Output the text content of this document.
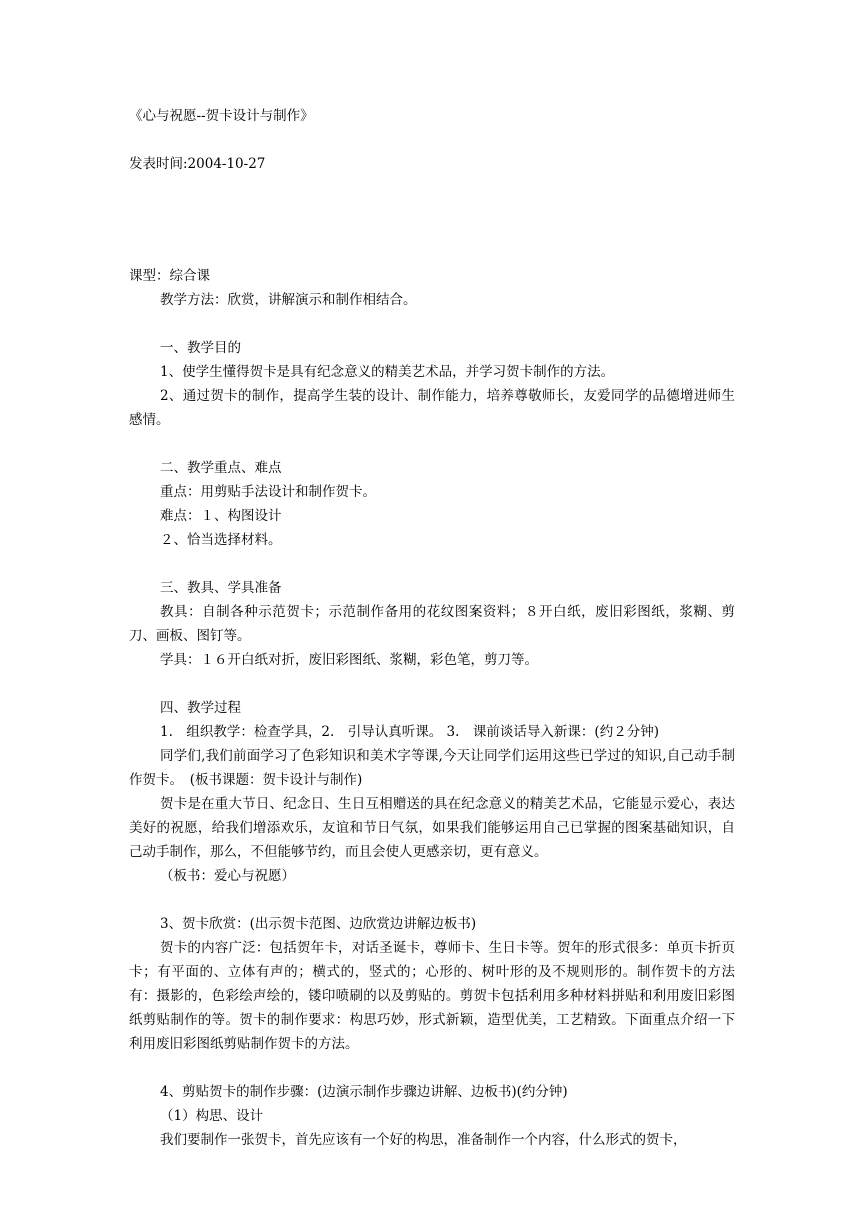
《心与祝愿--贺卡设计与制作》
发表时间:2004-10-27
课型：综合课
教学方法：欣赏，讲解演示和制作相结合。
一、教学目的
1、使学生懂得贺卡是具有纪念意义的精美艺术品，并学习贺卡制作的方法。
2、通过贺卡的制作，提高学生装的设计、制作能力，培养尊敬师长，友爱同学的品德增进师生感情。
二、教学重点、难点
重点：用剪贴手法设计和制作贺卡。
难点：１、构图设计
２、恰当选择材料。
三、教具、学具准备
教具：自制各种示范贺卡；示范制作备用的花纹图案资料；８开白纸，废旧彩图纸，浆糊、剪刀、画板、图钉等。
学具：１６开白纸对折，废旧彩图纸、浆糊，彩色笔，剪刀等。
四、教学过程
1.　组织教学：检查学具，2.　引导认真听课。 3.　课前谈话导入新课：(约２分钟)
同学们,我们前面学习了色彩知识和美术字等课,今天让同学们运用这些已学过的知识,自己动手制作贺卡。　(板书课题：贺卡设计与制作)
贺卡是在重大节日、纪念日、生日互相赠送的具在纪念意义的精美艺术品，它能显示爱心，表达美好的祝愿，给我们增添欢乐，友谊和节日气氛，如果我们能够运用自己已掌握的图案基础知识，自己动手制作，那么，不但能够节约，而且会使人更感亲切，更有意义。
（板书：爱心与祝愿）
3、贺卡欣赏：(出示贺卡范图、边欣赏边讲解边板书)
贺卡的内容广泛：包括贺年卡，对话圣诞卡，尊师卡、生日卡等。贺年的形式很多：单页卡折页卡；有平面的、立体有声的；横式的，竖式的；心形的、树叶形的及不规则形的。制作贺卡的方法有：摄影的，色彩绘声绘的，镂印喷刷的以及剪贴的。剪贺卡包括利用多种材料拼贴和利用废旧彩图纸剪贴制作的等。贺卡的制作要求：构思巧妙，形式新颖，造型优美，工艺精致。下面重点介绍一下利用废旧彩图纸剪贴制作贺卡的方法。
4、剪贴贺卡的制作步骤：(边演示制作步骤边讲解、边板书)(约分钟)
（1）构思、设计
我们要制作一张贺卡，首先应该有一个好的构思，准备制作一个内容，什么形式的贺卡，
